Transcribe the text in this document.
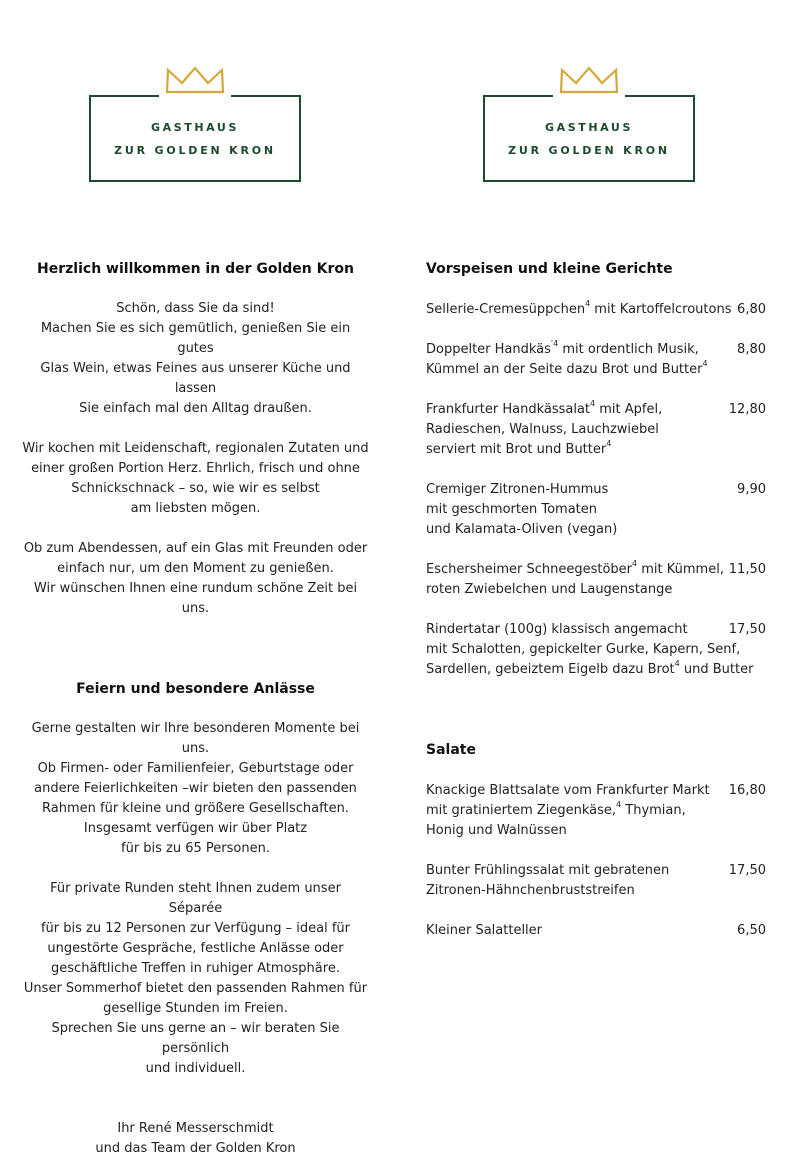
GASTHAUS
ZUR GOLDEN KRON
GASTHAUS
ZUR GOLDEN KRON
Herzlich willkommen in der Golden Kron

Schön, dass Sie da sind!

Machen Sie es sich gemütlich, genießen Sie ein gutes

Glas Wein, etwas Feines aus unserer Küche und lassen

Sie einfach mal den Alltag draußen.

Wir kochen mit Leidenschaft, regionalen Zutaten und

einer großen Portion Herz. Ehrlich, frisch und ohne

Schnickschnack – so, wie wir es selbst

am liebsten mögen.

Ob zum Abendessen, auf ein Glas mit Freunden oder

einfach nur, um den Moment zu genießen.

Wir wünschen Ihnen eine rundum schöne Zeit bei uns.

Feiern und besondere Anlässe

Gerne gestalten wir Ihre besonderen Momente bei uns.

Ob Firmen- oder Familienfeier, Geburtstage oder

andere Feierlichkeiten –wir bieten den passenden

Rahmen für kleine und größere Gesellschaften.

Insgesamt verfügen wir über Platz

für bis zu 65 Personen.

Für private Runden steht Ihnen zudem unser Séparée

für bis zu 12 Personen zur Verfügung – ideal für

ungestörte Gespräche, festliche Anlässe oder

geschäftliche Treffen in ruhiger Atmosphäre.

Unser Sommerhof bietet den passenden Rahmen für

gesellige Stunden im Freien.

Sprechen Sie uns gerne an – wir beraten Sie persönlich

und individuell.

Ihr René Messerschmidt

und das Team der Golden Kron

Vorspeisen und kleine Gerichte
Sellerie-Cremesüppchen$^4$ mit Kartoffelcroutons 6,80
Doppelter Handkäs$^{'4}$ mit ordentlich Musik,
Kümmel an der Seite dazu Brot und Butter$^4$
8,80
Frankfurter Handkässalat$^4$ mit Apfel,
Radieschen, Walnuss, Lauchzwiebel
serviert mit Brot und Butter$^4$
12,80
Cremiger Zitronen-Hummus
mit geschmorten Tomaten
und Kalamata-Oliven (vegan)
9,90
Eschersheimer Schneegestöber$^4$ mit Kümmel,
roten Zwiebelchen und Laugenstange
11,50
Rindertatar (100g) klassisch angemacht
mit Schalotten, gepickelter Gurke, Kapern, Senf,
Sardellen, gebeiztem Eigelb dazu Brot$^4$ und Butter
17,50
Salate
Knackige Blattsalate vom Frankfurter Markt
mit gratiniertem Ziegenkäse,$^4$ Thymian,
Honig und Walnüssen
16,80
Bunter Frühlingssalat mit gebratenen
Zitronen-Hähnchenbruststreifen
17,50
Kleiner Salatteller	6,50
